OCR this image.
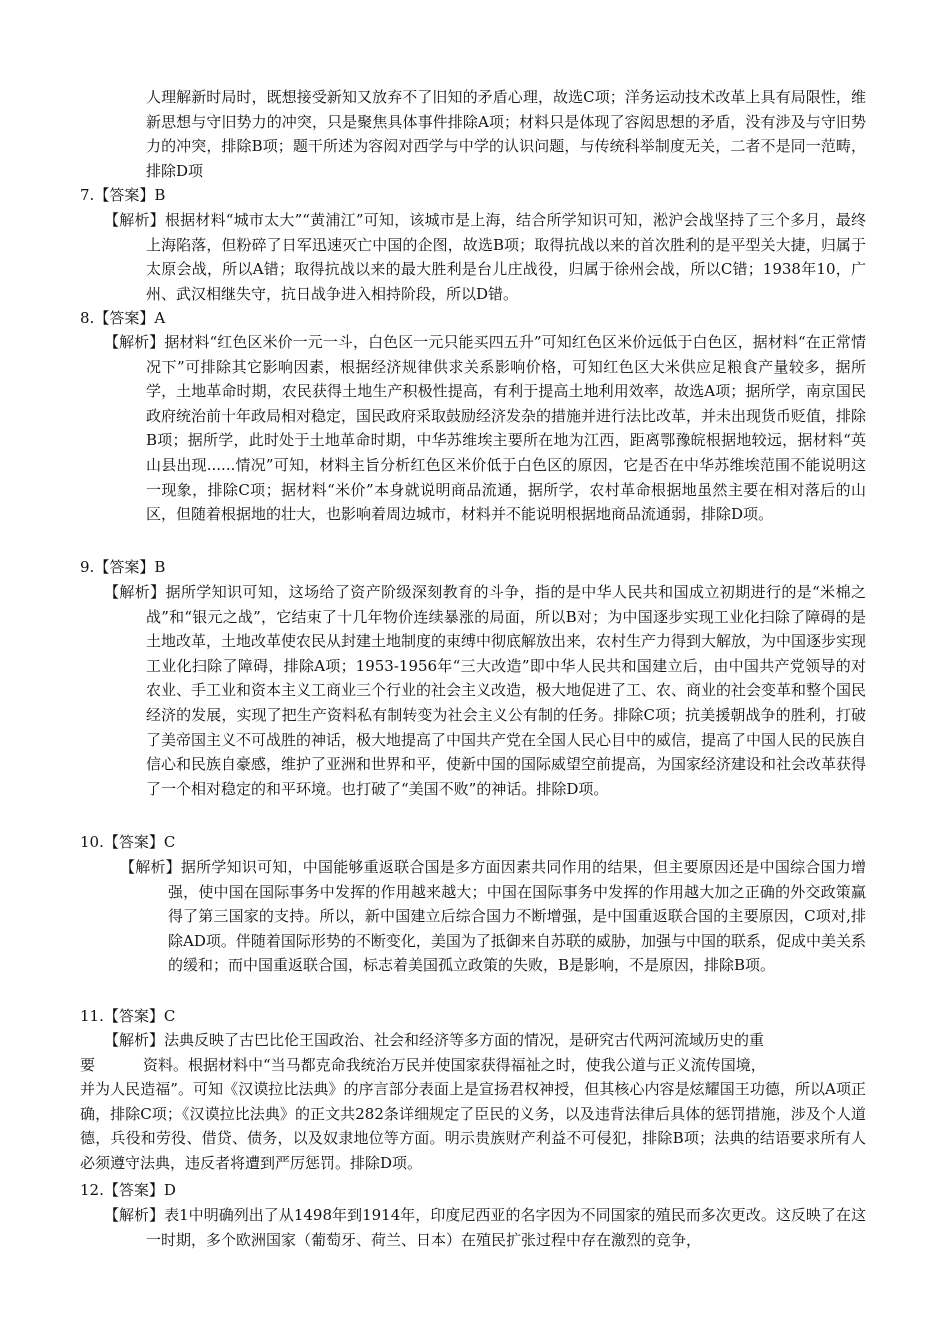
人理解新时局时，既想接受新知又放弃不了旧知的矛盾心理，故选C项；洋务运动技术改革上具有局限性，维新思想与守旧势力的冲突，只是聚焦具体事件排除A项；材料只是体现了容闳思想的矛盾，没有涉及与守旧势力的冲突，排除B项；题干所述为容闳对西学与中学的认识问题，与传统科举制度无关，二者不是同一范畴，排除D项

7.【答案】B

【解析】根据材料“城市太大”“黄浦江”可知，该城市是上海，结合所学知识可知，淞沪会战坚持了三个多月，最终上海陷落，但粉碎了日军迅速灭亡中国的企图，故选B项；取得抗战以来的首次胜利的是平型关大捷，归属于太原会战，所以A错；取得抗战以来的最大胜利是台儿庄战役，归属于徐州会战，所以C错；1938年10，广州、武汉相继失守，抗日战争进入相持阶段，所以D错。

8.【答案】A

【解析】据材料“红色区米价一元一斗，白色区一元只能买四五升”可知红色区米价远低于白色区，据材料“在正常情况下”可排除其它影响因素，根据经济规律供求关系影响价格，可知红色区大米供应足粮食产量较多，据所学，土地革命时期，农民获得土地生产积极性提高，有利于提高土地利用效率，故选A项；据所学，南京国民政府统治前十年政局相对稳定，国民政府采取鼓励经济发杂的措施并进行法比改革，并未出现货币贬值，排除B项；据所学，此时处于土地革命时期，中华苏维埃主要所在地为江西，距离鄂豫皖根据地较远，据材料“英山县出现......情况”可知，材料主旨分析红色区米价低于白色区的原因，它是否在中华苏维埃范围不能说明这一现象，排除C项；据材料“米价”本身就说明商品流通，据所学，农村革命根据地虽然主要在相对落后的山区，但随着根据地的壮大，也影响着周边城市，材料并不能说明根据地商品流通弱，排除D项。

9.【答案】B

【解析】据所学知识可知，这场给了资产阶级深刻教育的斗争，指的是中华人民共和国成立初期进行的是“米棉之战”和“银元之战”，它结束了十几年物价连续暴涨的局面，所以B对；为中国逐步实现工业化扫除了障碍的是土地改革，土地改革使农民从封建土地制度的束缚中彻底解放出来，农村生产力得到大解放，为中国逐步实现工业化扫除了障碍，排除A项；1953-1956年“三大改造”即中华人民共和国建立后，由中国共产党领导的对农业、手工业和资本主义工商业三个行业的社会主义改造，极大地促进了工、农、商业的社会变革和整个国民经济的发展，实现了把生产资料私有制转变为社会主义公有制的任务。排除C项；抗美援朝战争的胜利，打破了美帝国主义不可战胜的神话，极大地提高了中国共产党在全国人民心目中的威信，提高了中国人民的民族自信心和民族自豪感，维护了亚洲和世界和平，使新中国的国际威望空前提高，为国家经济建设和社会改革获得了一个相对稳定的和平环境。也打破了“美国不败”的神话。排除D项。

10.【答案】C

【解析】据所学知识可知，中国能够重返联合国是多方面因素共同作用的结果，但主要原因还是中国综合国力增强，使中国在国际事务中发挥的作用越来越大；中国在国际事务中发挥的作用越大加之正确的外交政策赢得了第三国家的支持。所以，新中国建立后综合国力不断增强，是中国重返联合国的主要原因，C项对,排除AD项。伴随着国际形势的不断变化，美国为了抵御来自苏联的威胁，加强与中国的联系，促成中美关系的缓和；而中国重返联合国，标志着美国孤立政策的失败，B是影响，不是原因，排除B项。

11.【答案】C

【解析】法典反映了古巴比伦王国政治、社会和经济等多方面的情况，是研究古代两河流域历史的重

要	资料。根据材料中“当马都克命我统治万民并使国家获得福祉之时，使我公道与正义流传国境，

并为人民造福”。可知《汉谟拉比法典》的序言部分表面上是宣扬君权神授，但其核心内容是炫耀国王功德，所以A项正确，排除C项；《汉谟拉比法典》的正文共282条详细规定了臣民的义务，以及违背法律后具体的惩罚措施，涉及个人道德，兵役和劳役、借贷、债务，以及奴隶地位等方面。明示贵族财产利益不可侵犯，排除B项；法典的结语要求所有人必须遵守法典，违反者将遭到严厉惩罚。排除D项。

12.【答案】D

【解析】表1中明确列出了从1498年到1914年，印度尼西亚的名字因为不同国家的殖民而多次更改。这反映了在这一时期，多个欧洲国家（葡萄牙、荷兰、日本）在殖民扩张过程中存在激烈的竞争，
